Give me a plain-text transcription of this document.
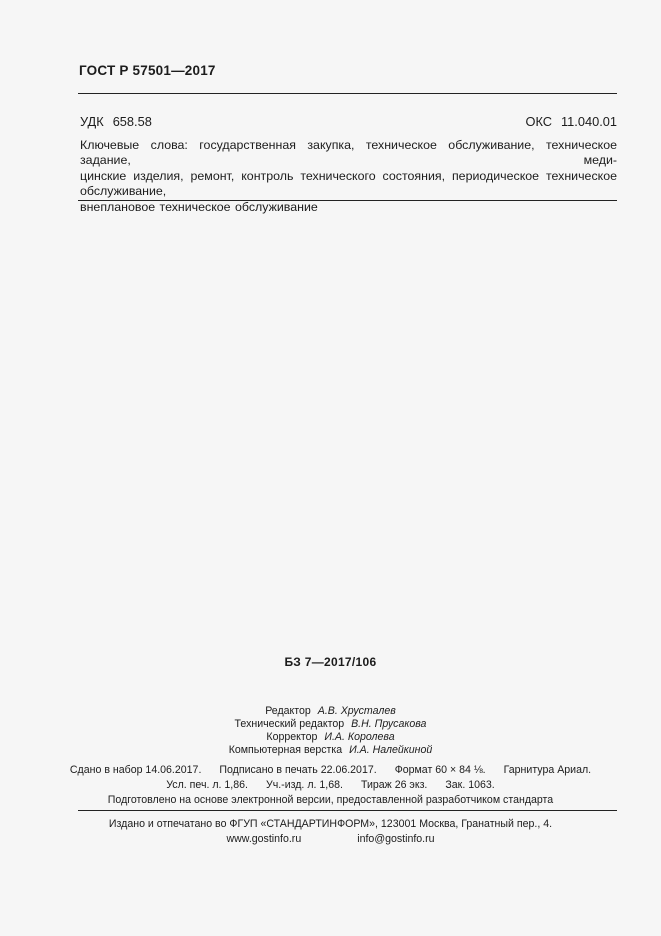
ГОСТ Р 57501—2017
УДК 658.58	ОКС 11.040.01
Ключевые слова: государственная закупка, техническое обслуживание, техническое задание, меди-
цинские изделия, ремонт, контроль технического состояния, периодическое техническое обслуживание,
внеплановое техническое обслуживание
БЗ 7—2017/106
Редактор А.В. Хрусталев
Технический редактор В.Н. Прусакова
Корректор И.А. Королева
Компьютерная верстка И.А. Налейкиной
Сдано в набор 14.06.2017. Подписано в печать 22.06.2017. Формат 60 × 84 ⅛. Гарнитура Ариал.
Усл. печ. л. 1,86. Уч.-изд. л. 1,68. Тираж 26 экз. Зак. 1063.
Подготовлено на основе электронной версии, предоставленной разработчиком стандарта
Издано и отпечатано во ФГУП «СТАНДАРТИНФОРМ», 123001 Москва, Гранатный пер., 4.
www.gostinfo.ru	info@gostinfo.ru
